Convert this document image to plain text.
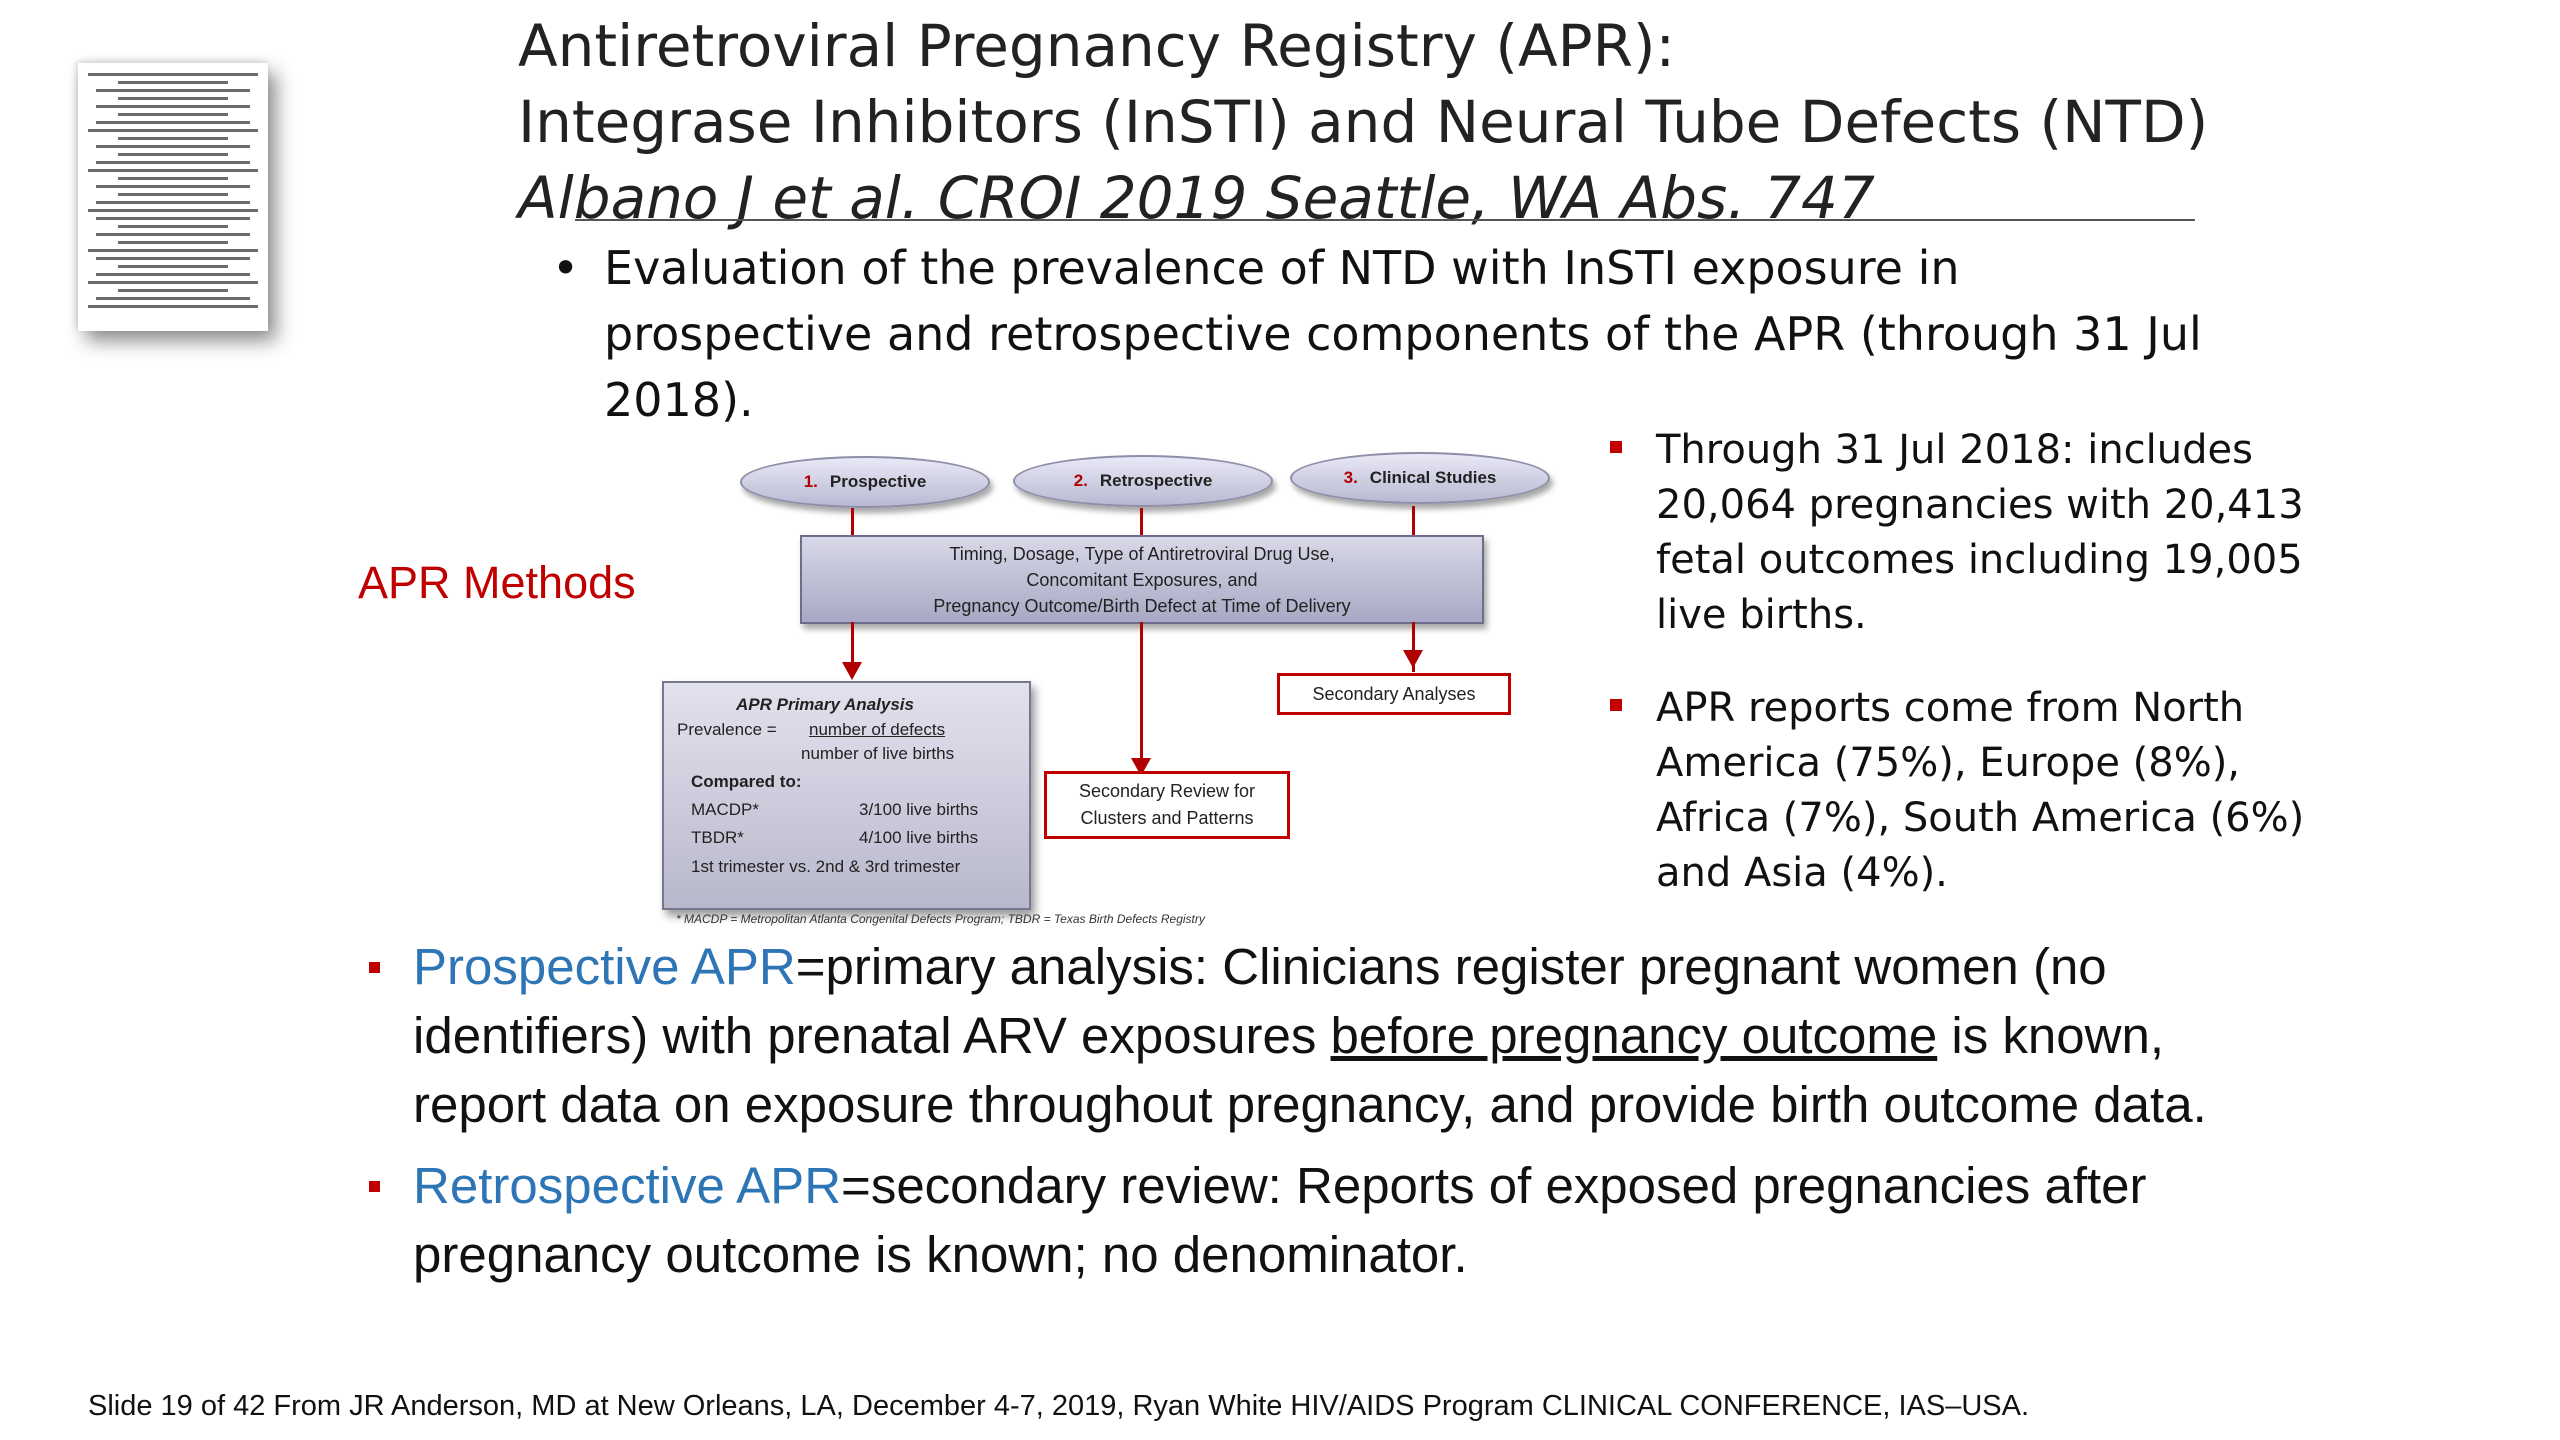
Antiretroviral Pregnancy Registry (APR):
Integrase Inhibitors (InSTI) and Neural Tube Defects (NTD)
Albano J et al. CROI 2019 Seattle, WA Abs. 747
• Evaluation of the prevalence of NTD with InSTI exposure in prospective and retrospective components of the APR (through 31 Jul 2018).
APR Methods
1. Prospective	2. Retrospective	3. Clinical Studies
Timing, Dosage, Type of Antiretroviral Drug Use,
Concomitant Exposures, and
Pregnancy Outcome/Birth Defect at Time of Delivery
APR Primary Analysis
Prevalence = number of defects
number of live births
Compared to:
MACDP*	3/100 live births
TBDR*	4/100 live births
1st trimester vs. 2nd & 3rd trimester
Secondary Review for
Clusters and Patterns
Secondary Analyses
* MACDP = Metropolitan Atlanta Congenital Defects Program; TBDR = Texas Birth Defects Registry
Through 31 Jul 2018: includes 20,064 pregnancies with 20,413 fetal outcomes including 19,005 live births.
APR reports come from North America (75%), Europe (8%), Africa (7%), South America (6%) and Asia (4%).
Prospective APR=primary analysis: Clinicians register pregnant women (no identifiers) with prenatal ARV exposures before pregnancy outcome is known, report data on exposure throughout pregnancy, and provide birth outcome data.
Retrospective APR=secondary review: Reports of exposed pregnancies after pregnancy outcome is known; no denominator.
Slide 19 of 42 From JR Anderson, MD at New Orleans, LA, December 4-7, 2019, Ryan White HIV/AIDS Program CLINICAL CONFERENCE, IAS–USA.
